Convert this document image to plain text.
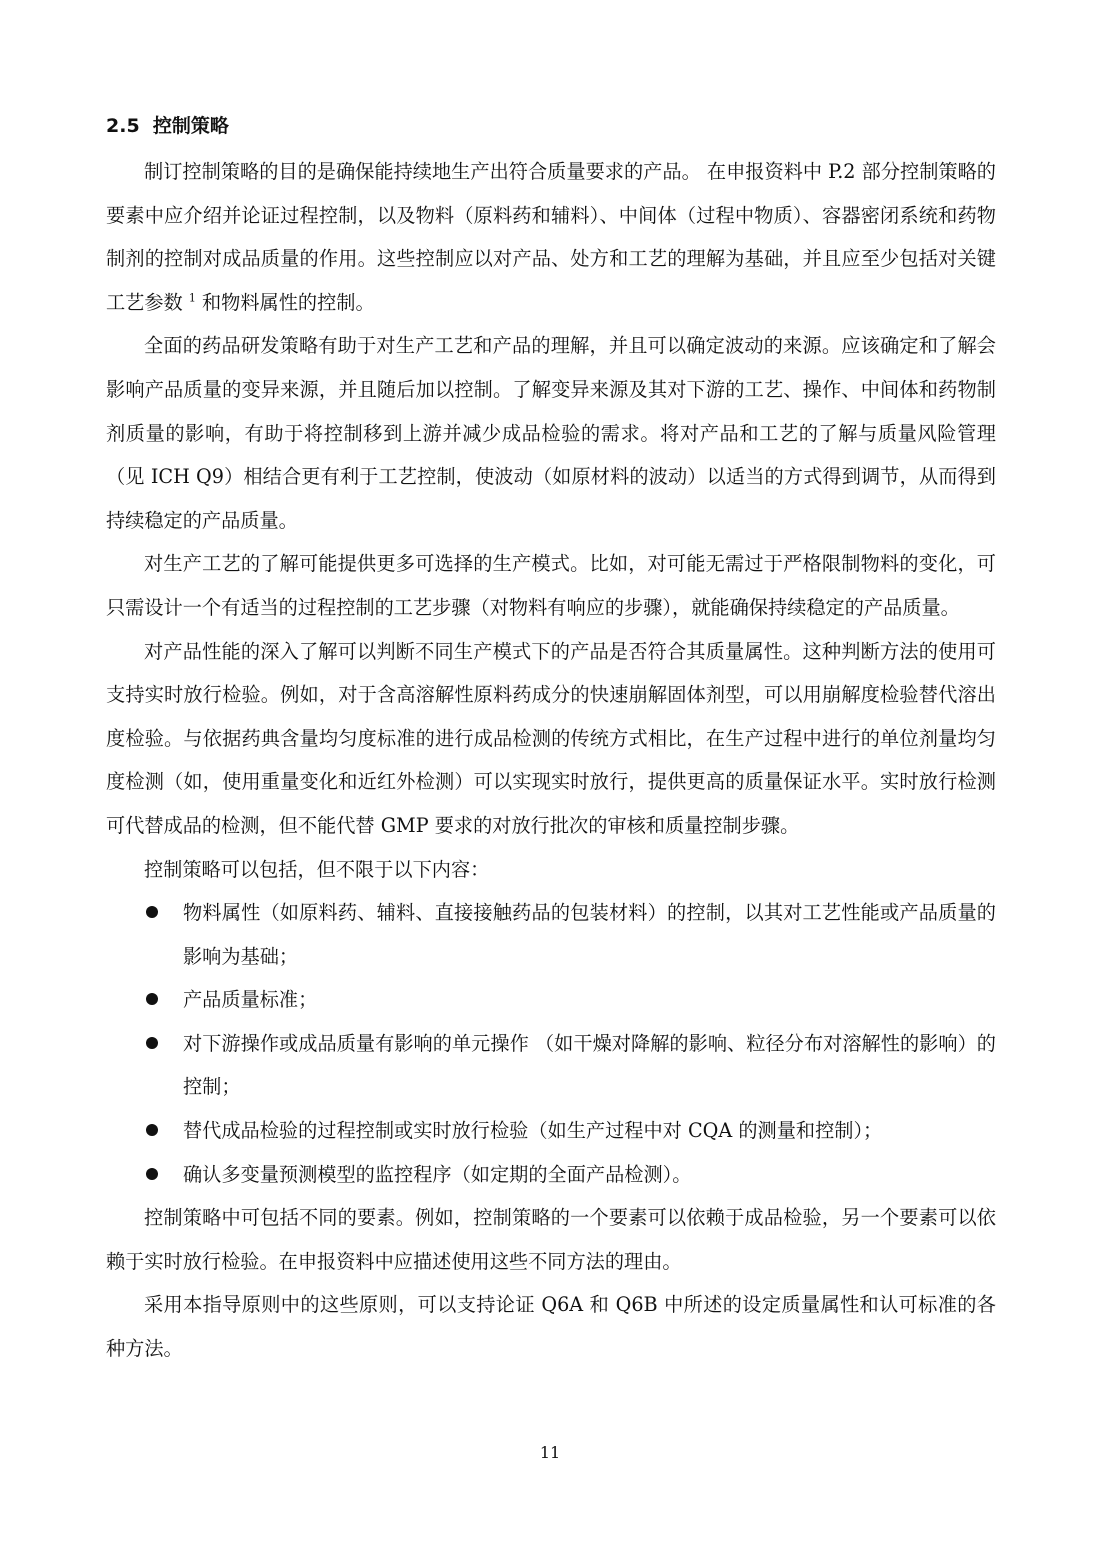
2.5 控制策略

制订控制策略的目的是确保能持续地生产出符合质量要求的产品。 在申报资料中 P.2 部分控制策略的要素中应介绍并论证过程控制，以及物料（原料药和辅料）、中间体（过程中物质）、容器密闭系统和药物制剂的控制对成品质量的作用。这些控制应以对产品、处方和工艺的理解为基础，并且应至少包括对关键工艺参数 $^1$ 和物料属性的控制。

全面的药品研发策略有助于对生产工艺和产品的理解，并且可以确定波动的来源。应该确定和了解会影响产品质量的变异来源，并且随后加以控制。了解变异来源及其对下游的工艺、操作、中间体和药物制剂质量的影响，有助于将控制移到上游并减少成品检验的需求。将对产品和工艺的了解与质量风险管理（见 ICH Q9）相结合更有利于工艺控制，使波动（如原材料的波动）以适当的方式得到调节，从而得到持续稳定的产品质量。

对生产工艺的了解可能提供更多可选择的生产模式。比如，对可能无需过于严格限制物料的变化，可只需设计一个有适当的过程控制的工艺步骤（对物料有响应的步骤），就能确保持续稳定的产品质量。

对产品性能的深入了解可以判断不同生产模式下的产品是否符合其质量属性。这种判断方法的使用可支持实时放行检验。例如，对于含高溶解性原料药成分的快速崩解固体剂型，可以用崩解度检验替代溶出度检验。与依据药典含量均匀度标准的进行成品检测的传统方式相比，在生产过程中进行的单位剂量均匀度检测（如，使用重量变化和近红外检测）可以实现实时放行，提供更高的质量保证水平。实时放行检测可代替成品的检测，但不能代替 GMP 要求的对放行批次的审核和质量控制步骤。

控制策略可以包括，但不限于以下内容：

物料属性（如原料药、辅料、直接接触药品的包装材料）的控制，以其对工艺性能或产品质量的影响为基础；
产品质量标准；
对下游操作或成品质量有影响的单元操作 （如干燥对降解的影响、粒径分布对溶解性的影响）的控制；
替代成品检验的过程控制或实时放行检验（如生产过程中对 CQA 的测量和控制）；
确认多变量预测模型的监控程序（如定期的全面产品检测）。

控制策略中可包括不同的要素。例如，控制策略的一个要素可以依赖于成品检验，另一个要素可以依赖于实时放行检验。在申报资料中应描述使用这些不同方法的理由。

采用本指导原则中的这些原则，可以支持论证 Q6A 和 Q6B 中所述的设定质量属性和认可标准的各种方法。

11
